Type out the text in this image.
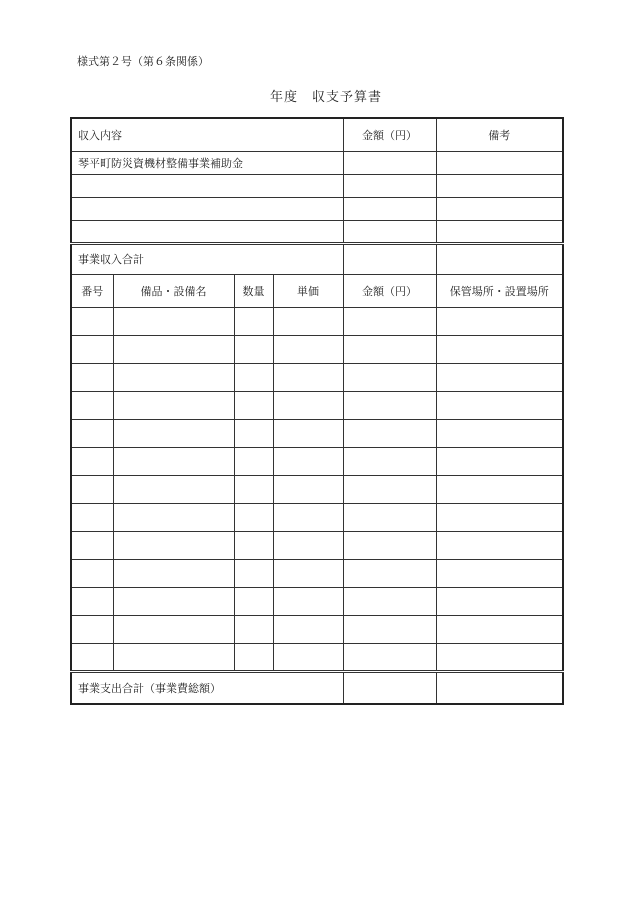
様式第２号（第６条関係）
年度　収支予算書
収入内容				金額（円）	備考
琴平町防災資機材整備事業補助金					

事業収入合計					
番号	備品・設備名	数量	単価	金額（円）	保管場所・設置場所

事業支出合計（事業費総額）					
